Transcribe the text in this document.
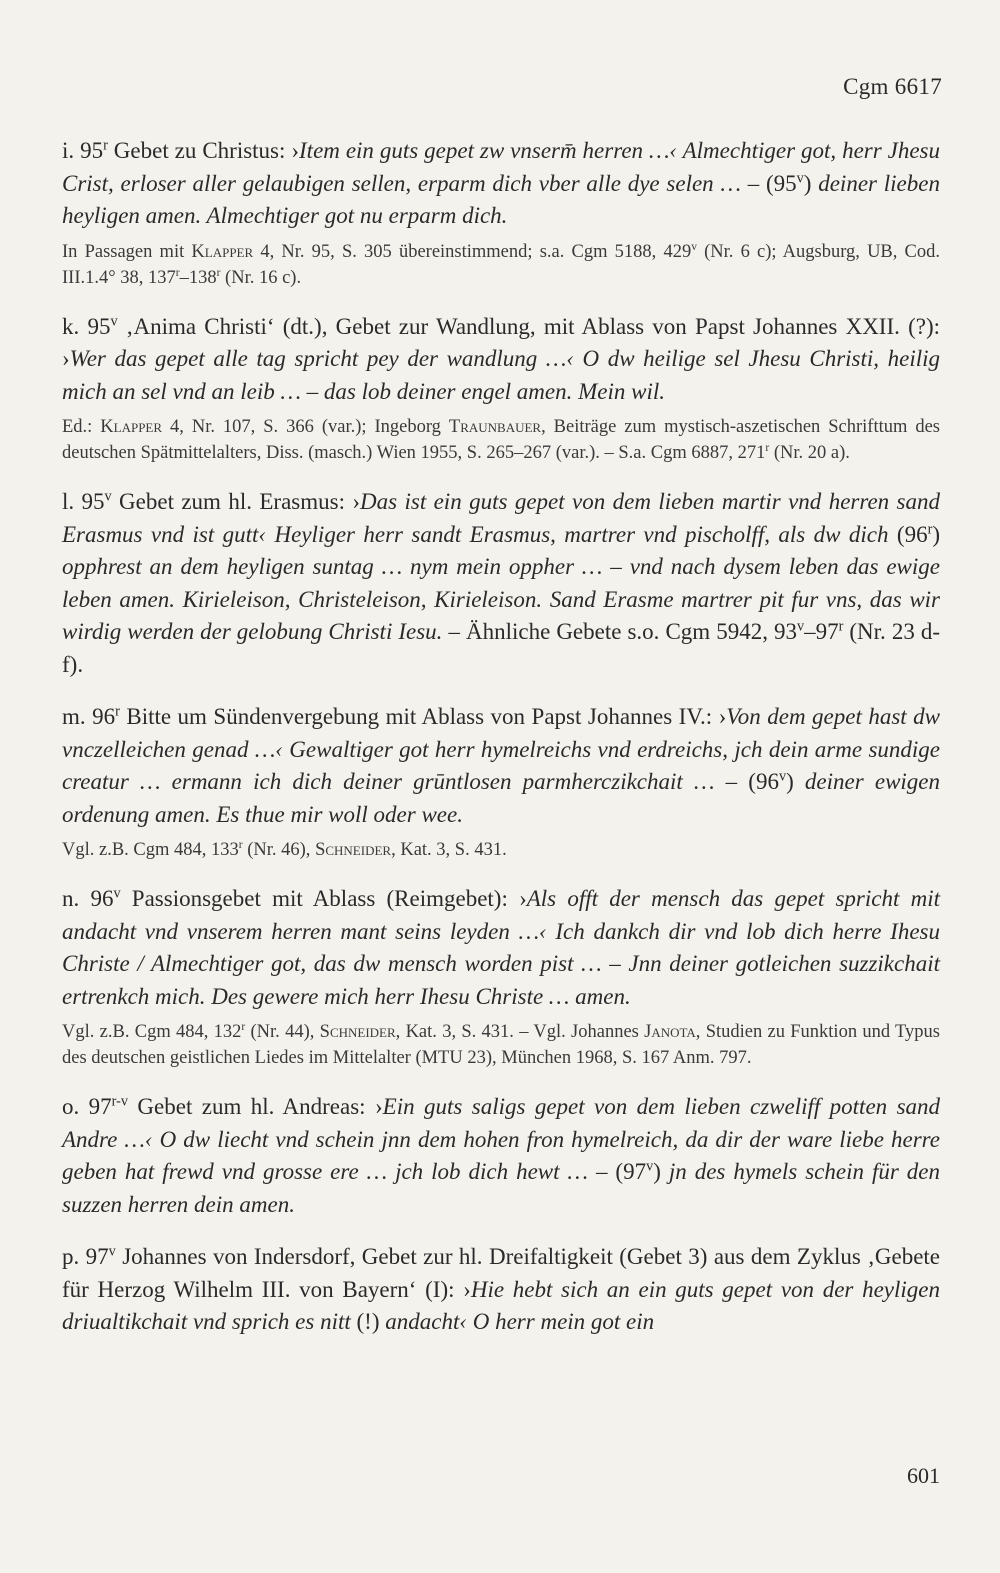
Cgm 6617
i. 95$^r$ Gebet zu Christus: ›Item ein guts gepet zw vnserm̄ herren …‹ Almechtiger got, herr Jhesu Crist, erloser aller gelaubigen sellen, erparm dich vber alle dye selen … – (95$^v$) deiner lieben heyligen amen. Almechtiger got nu erparm dich.
In Passagen mit Klapper 4, Nr. 95, S. 305 übereinstimmend; s.a. Cgm 5188, 429$^v$ (Nr. 6 c); Augsburg, UB, Cod. III.1.4° 38, 137$^r$–138$^r$ (Nr. 16 c).
k. 95$^v$ ‚Anima Christi‘ (dt.), Gebet zur Wandlung, mit Ablass von Papst Johannes XXII. (?): ›Wer das gepet alle tag spricht pey der wandlung …‹ O dw heilige sel Jhesu Christi, heilig mich an sel vnd an leib … – das lob deiner engel amen. Mein wil.
Ed.: Klapper 4, Nr. 107, S. 366 (var.); Ingeborg Traunbauer, Beiträge zum mystisch-aszetischen Schrifttum des deutschen Spätmittelalters, Diss. (masch.) Wien 1955, S. 265–267 (var.). – S.a. Cgm 6887, 271$^r$ (Nr. 20 a).
l. 95$^v$ Gebet zum hl. Erasmus: ›Das ist ein guts gepet von dem lieben martir vnd herren sand Erasmus vnd ist gutt‹ Heyliger herr sandt Erasmus, martrer vnd pischolff, als dw dich (96$^r$) opphrest an dem heyligen suntag … nym mein oppher … – vnd nach dysem leben das ewige leben amen. Kirieleison, Christeleison, Kirieleison. Sand Erasme martrer pit fur vns, das wir wirdig werden der gelobung Christi Iesu. – Ähnliche Gebete s.o. Cgm 5942, 93$^v$–97$^r$ (Nr. 23 d-f).
m. 96$^r$ Bitte um Sündenvergebung mit Ablass von Papst Johannes IV.: ›Von dem gepet hast dw vnczelleichen genad …‹ Gewaltiger got herr hymelreichs vnd erdreichs, jch dein arme sundige creatur … ermann ich dich deiner grūntlosen parmherczikchait … – (96$^v$) deiner ewigen ordenung amen. Es thue mir woll oder wee.
Vgl. z.B. Cgm 484, 133$^r$ (Nr. 46), Schneider, Kat. 3, S. 431.
n. 96$^v$ Passionsgebet mit Ablass (Reimgebet): ›Als offt der mensch das gepet spricht mit andacht vnd vnserem herren mant seins leyden …‹ Ich dankch dir vnd lob dich herre Ihesu Christe / Almechtiger got, das dw mensch worden pist … – Jnn deiner gotleichen suzzikchait ertrenkch mich. Des gewere mich herr Ihesu Christe … amen.
Vgl. z.B. Cgm 484, 132$^r$ (Nr. 44), Schneider, Kat. 3, S. 431. – Vgl. Johannes Janota, Studien zu Funktion und Typus des deutschen geistlichen Liedes im Mittelalter (MTU 23), München 1968, S. 167 Anm. 797.
o. 97$^{r-v}$ Gebet zum hl. Andreas: ›Ein guts saligs gepet von dem lieben czweliff potten sand Andre …‹ O dw liecht vnd schein jnn dem hohen fron hymelreich, da dir der ware liebe herre geben hat frewd vnd grosse ere … jch lob dich hewt … – (97$^v$) jn des hymels schein für den suzzen herren dein amen.
p. 97$^v$ Johannes von Indersdorf, Gebet zur hl. Dreifaltigkeit (Gebet 3) aus dem Zyklus ‚Gebete für Herzog Wilhelm III. von Bayern‘ (I): ›Hie hebt sich an ein guts gepet von der heyligen driualtikchait vnd sprich es nitt (!) andacht‹ O herr mein got ein
601
